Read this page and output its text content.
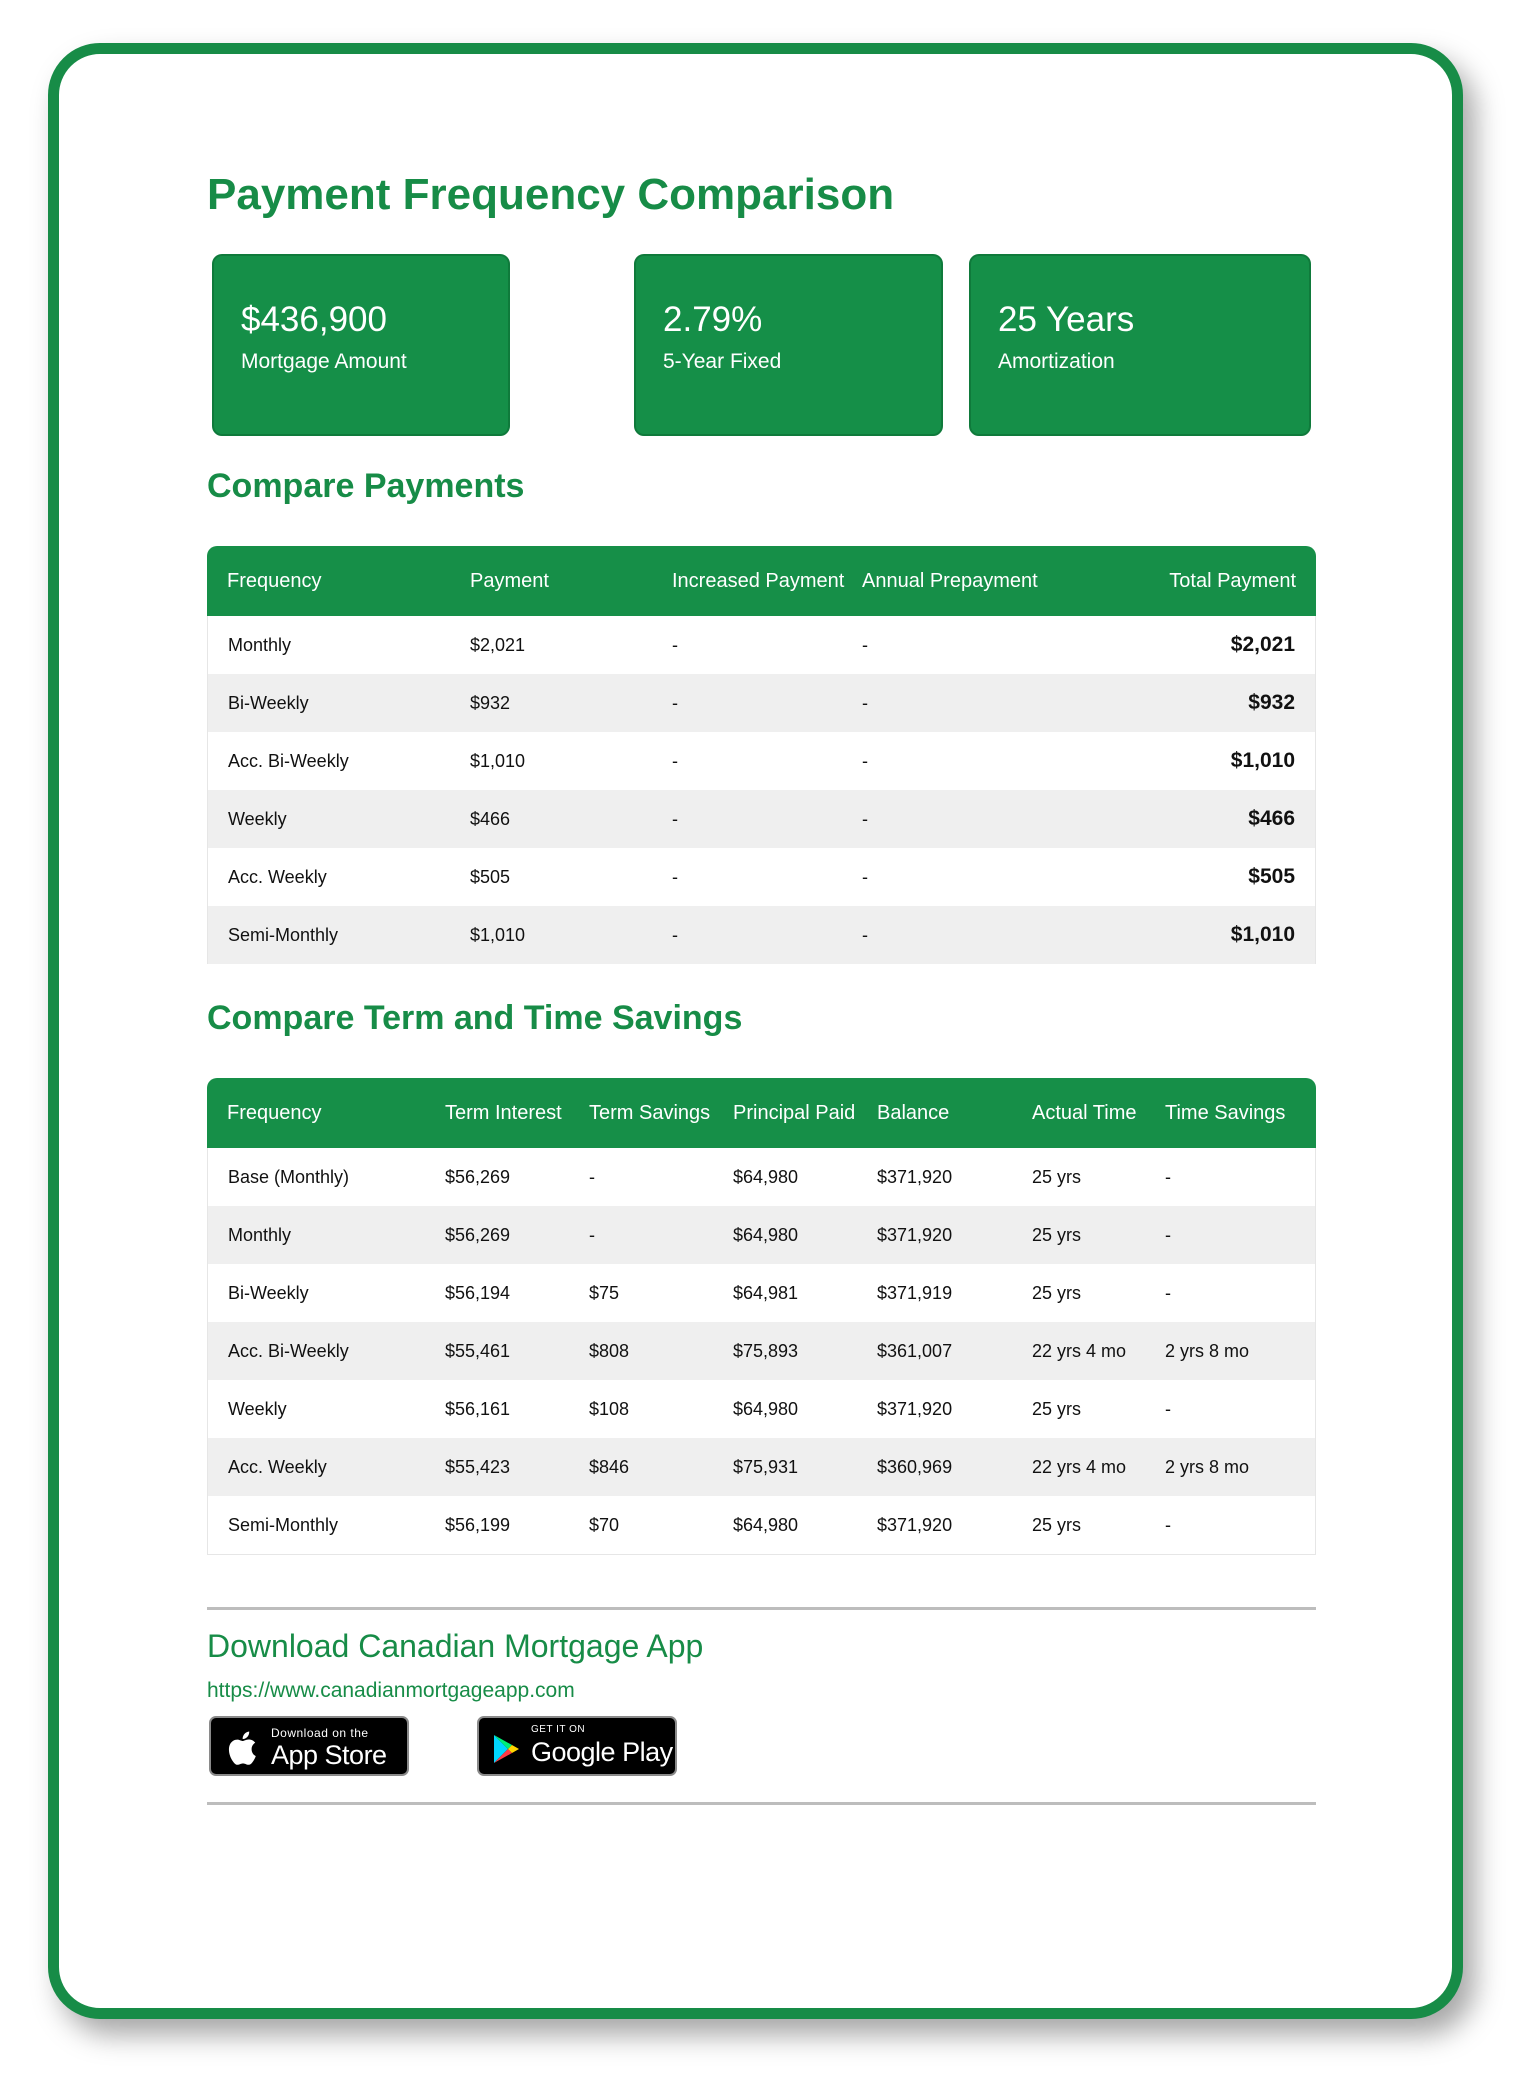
Payment Frequency Comparison
$436,900
Mortgage Amount
2.79%
5-Year Fixed
25 Years
Amortization
Compare Payments
Frequency	Payment	Increased Payment	Annual Prepayment	Total Payment
Monthly	$2,021	-	-	$2,021
Bi-Weekly	$932	-	-	$932
Acc. Bi-Weekly	$1,010	-	-	$1,010
Weekly	$466	-	-	$466
Acc. Weekly	$505	-	-	$505
Semi-Monthly	$1,010	-	-	$1,010
Compare Term and Time Savings
Frequency	Term Interest	Term Savings	Principal Paid	Balance	Actual Time	Time Savings
Base (Monthly)	$56,269	-	$64,980	$371,920	25 yrs	-
Monthly	$56,269	-	$64,980	$371,920	25 yrs	-
Bi-Weekly	$56,194	$75	$64,981	$371,919	25 yrs	-
Acc. Bi-Weekly	$55,461	$808	$75,893	$361,007	22 yrs 4 mo	2 yrs 8 mo
Weekly	$56,161	$108	$64,980	$371,920	25 yrs	-
Acc. Weekly	$55,423	$846	$75,931	$360,969	22 yrs 4 mo	2 yrs 8 mo
Semi-Monthly	$56,199	$70	$64,980	$371,920	25 yrs	-
Download Canadian Mortgage App
https://www.canadianmortgageapp.com
Download on the
App Store
GET IT ON
Google Play
